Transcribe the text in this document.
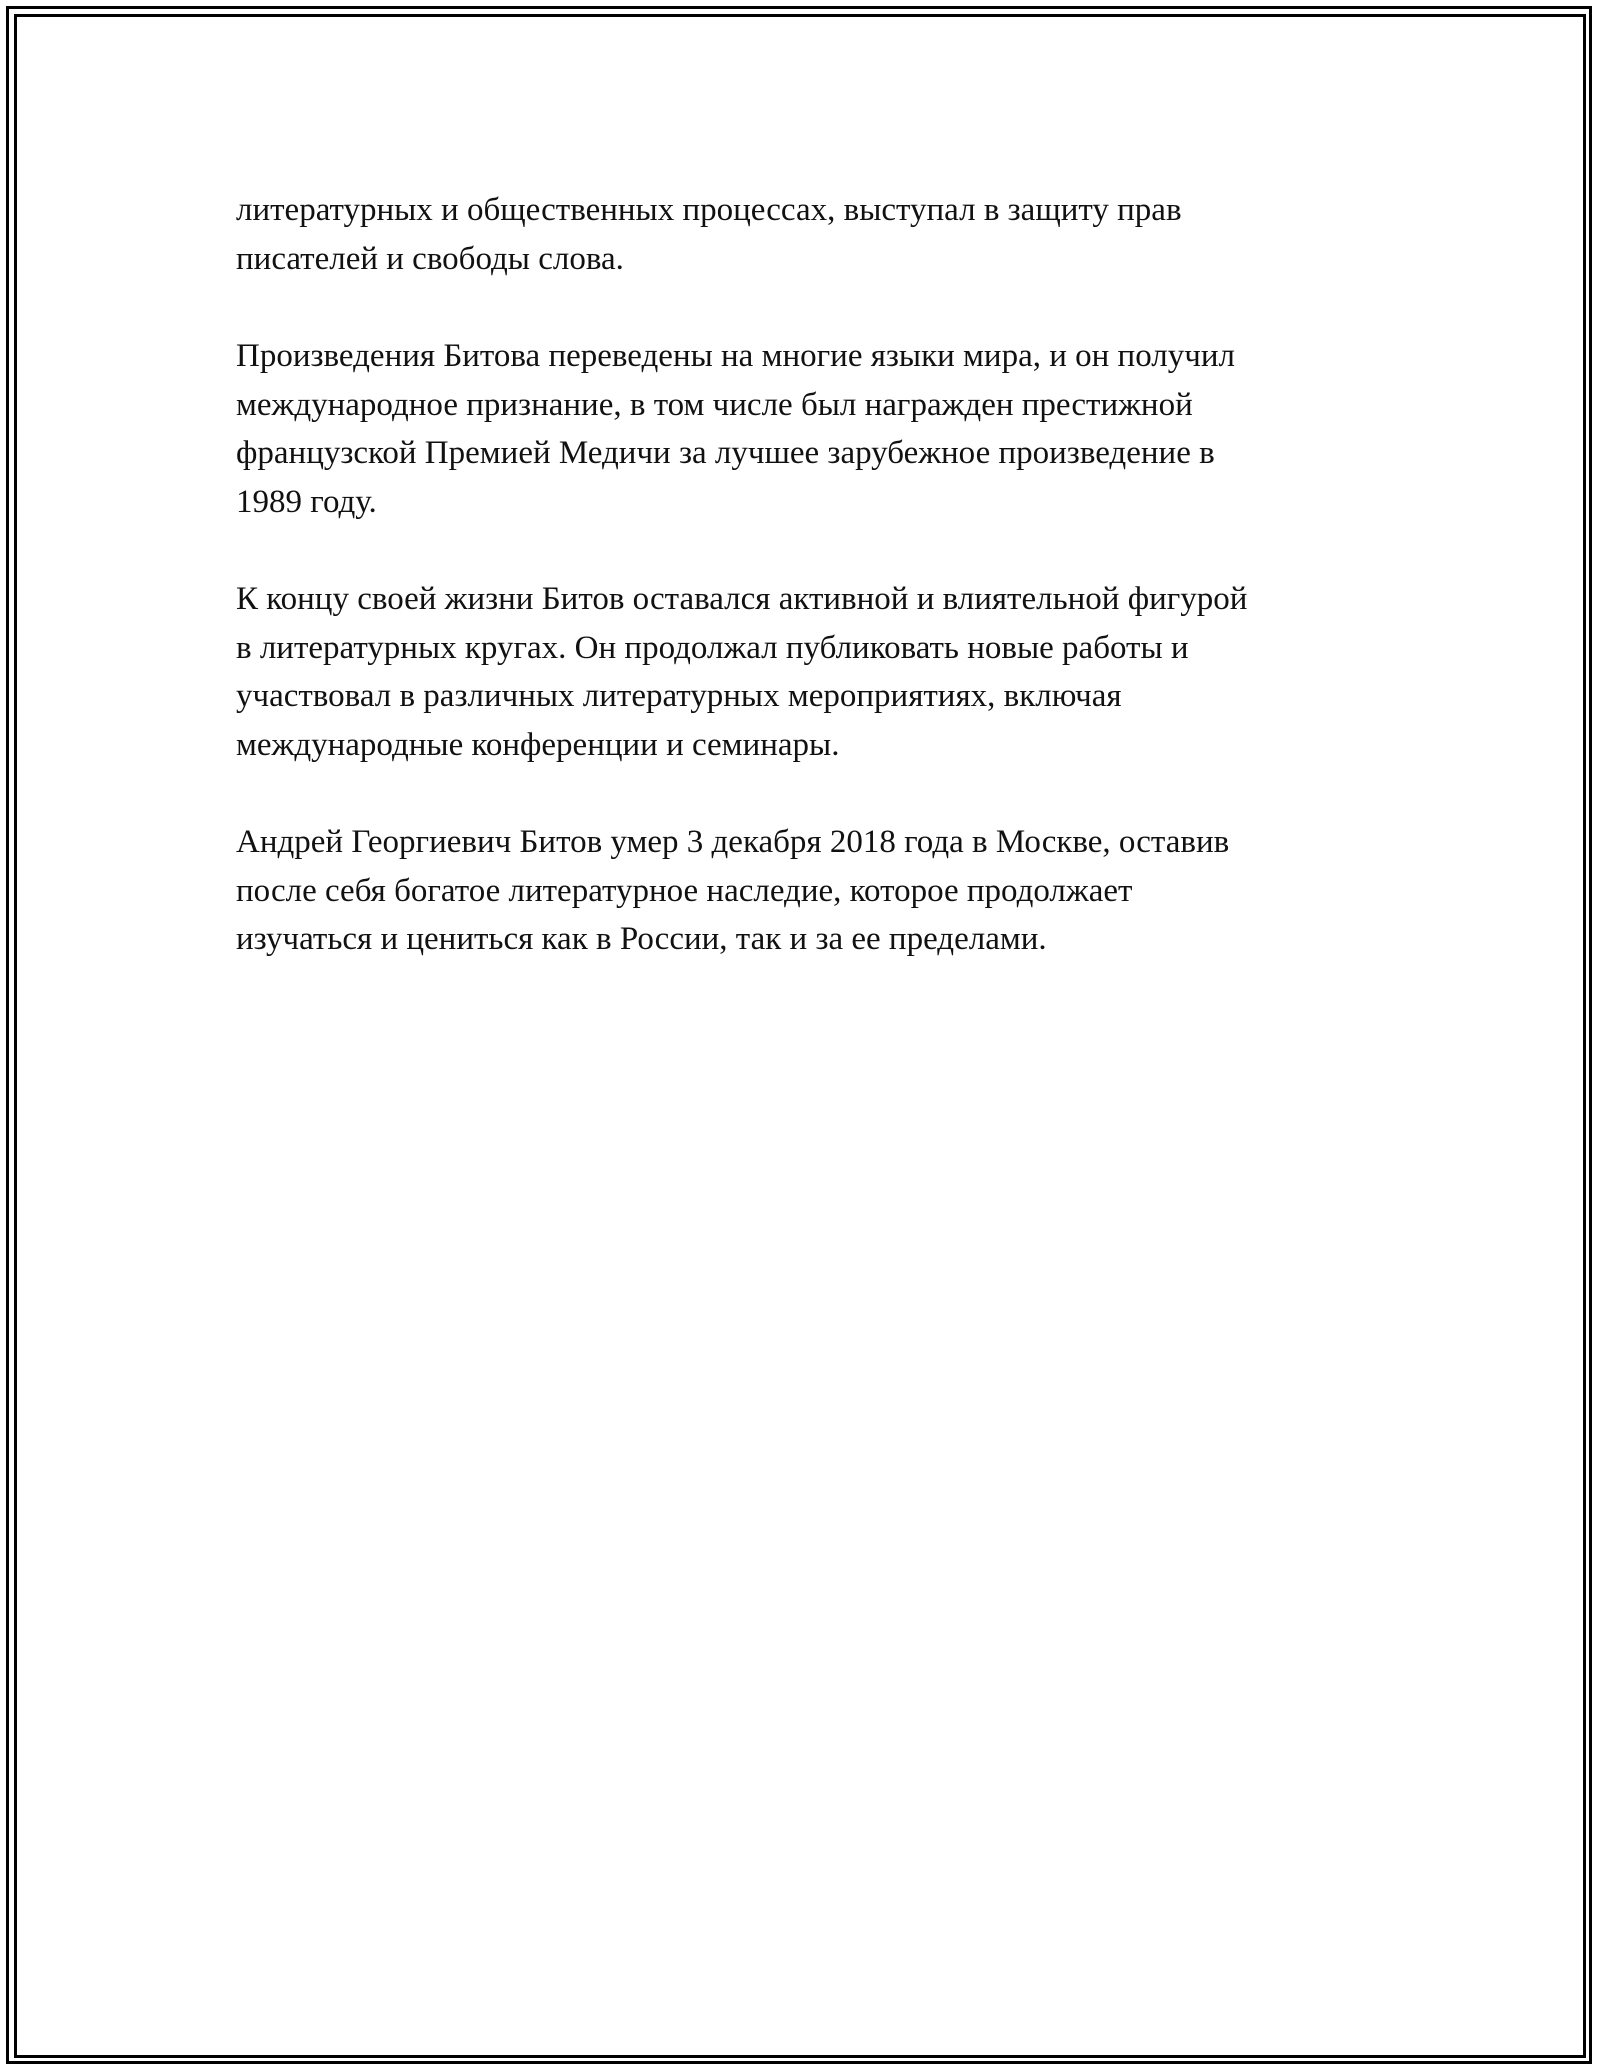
литературных и общественных процессах, выступал в защиту прав
писателей и свободы слова.

Произведения Битова переведены на многие языки мира, и он получил
международное признание, в том числе был награжден престижной
французской Премией Медичи за лучшее зарубежное произведение в
1989 году.

К концу своей жизни Битов оставался активной и влиятельной фигурой
в литературных кругах. Он продолжал публиковать новые работы и
участвовал в различных литературных мероприятиях, включая
международные конференции и семинары.

Андрей Георгиевич Битов умер 3 декабря 2018 года в Москве, оставив
после себя богатое литературное наследие, которое продолжает
изучаться и цениться как в России, так и за ее пределами.
